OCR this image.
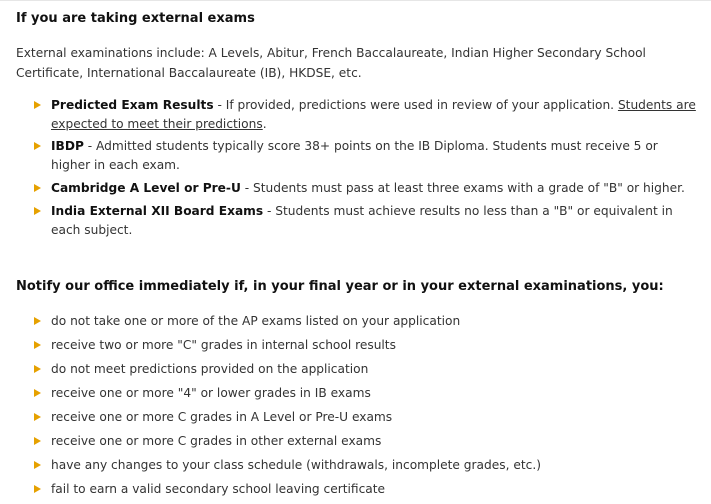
If you are taking external exams

External examinations include: A Levels, Abitur, French Baccalaureate, Indian Higher Secondary School Certificate, International Baccalaureate (IB), HKDSE, etc.

Predicted Exam Results - If provided, predictions were used in review of your application. Students are expected to meet their predictions.
IBDP - Admitted students typically score 38+ points on the IB Diploma. Students must receive 5 or higher in each exam.
Cambridge A Level or Pre-U - Students must pass at least three exams with a grade of "B" or higher.
India External XII Board Exams - Students must achieve results no less than a "B" or equivalent in each subject.
Notify our office immediately if, in your final year or in your external examinations, you:
do not take one or more of the AP exams listed on your application
receive two or more "C" grades in internal school results
do not meet predictions provided on the application
receive one or more "4" or lower grades in IB exams
receive one or more C grades in A Level or Pre-U exams
receive one or more C grades in other external exams
have any changes to your class schedule (withdrawals, incomplete grades, etc.)
fail to earn a valid secondary school leaving certificate
